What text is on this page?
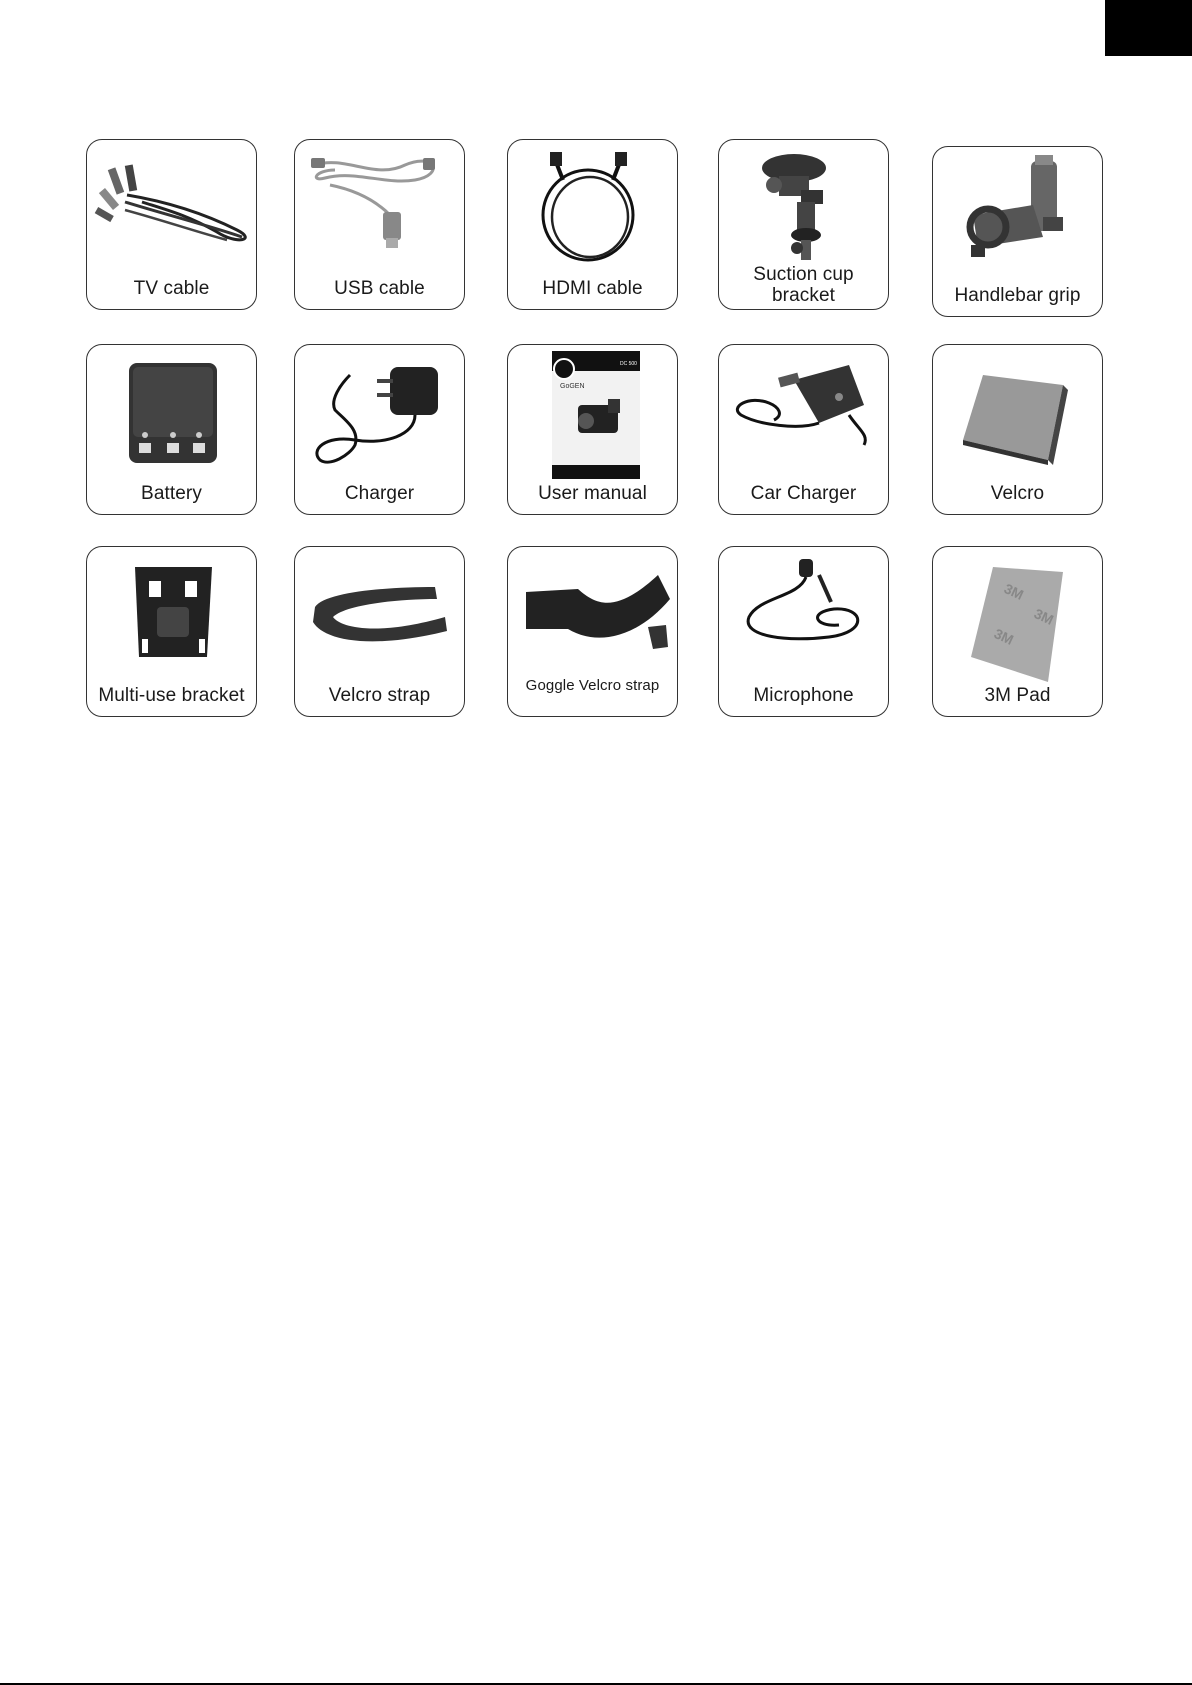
TV cable	USB cable	HDMI cable
Suction cup
bracket	Handlebar grip
Battery	Charger
GoGEN
DC 500
User manual	Car Charger	Velcro
Multi-use bracket	Velcro strap	Goggle Velcro strap	Microphone
3M
3M
3M
3M Pad
